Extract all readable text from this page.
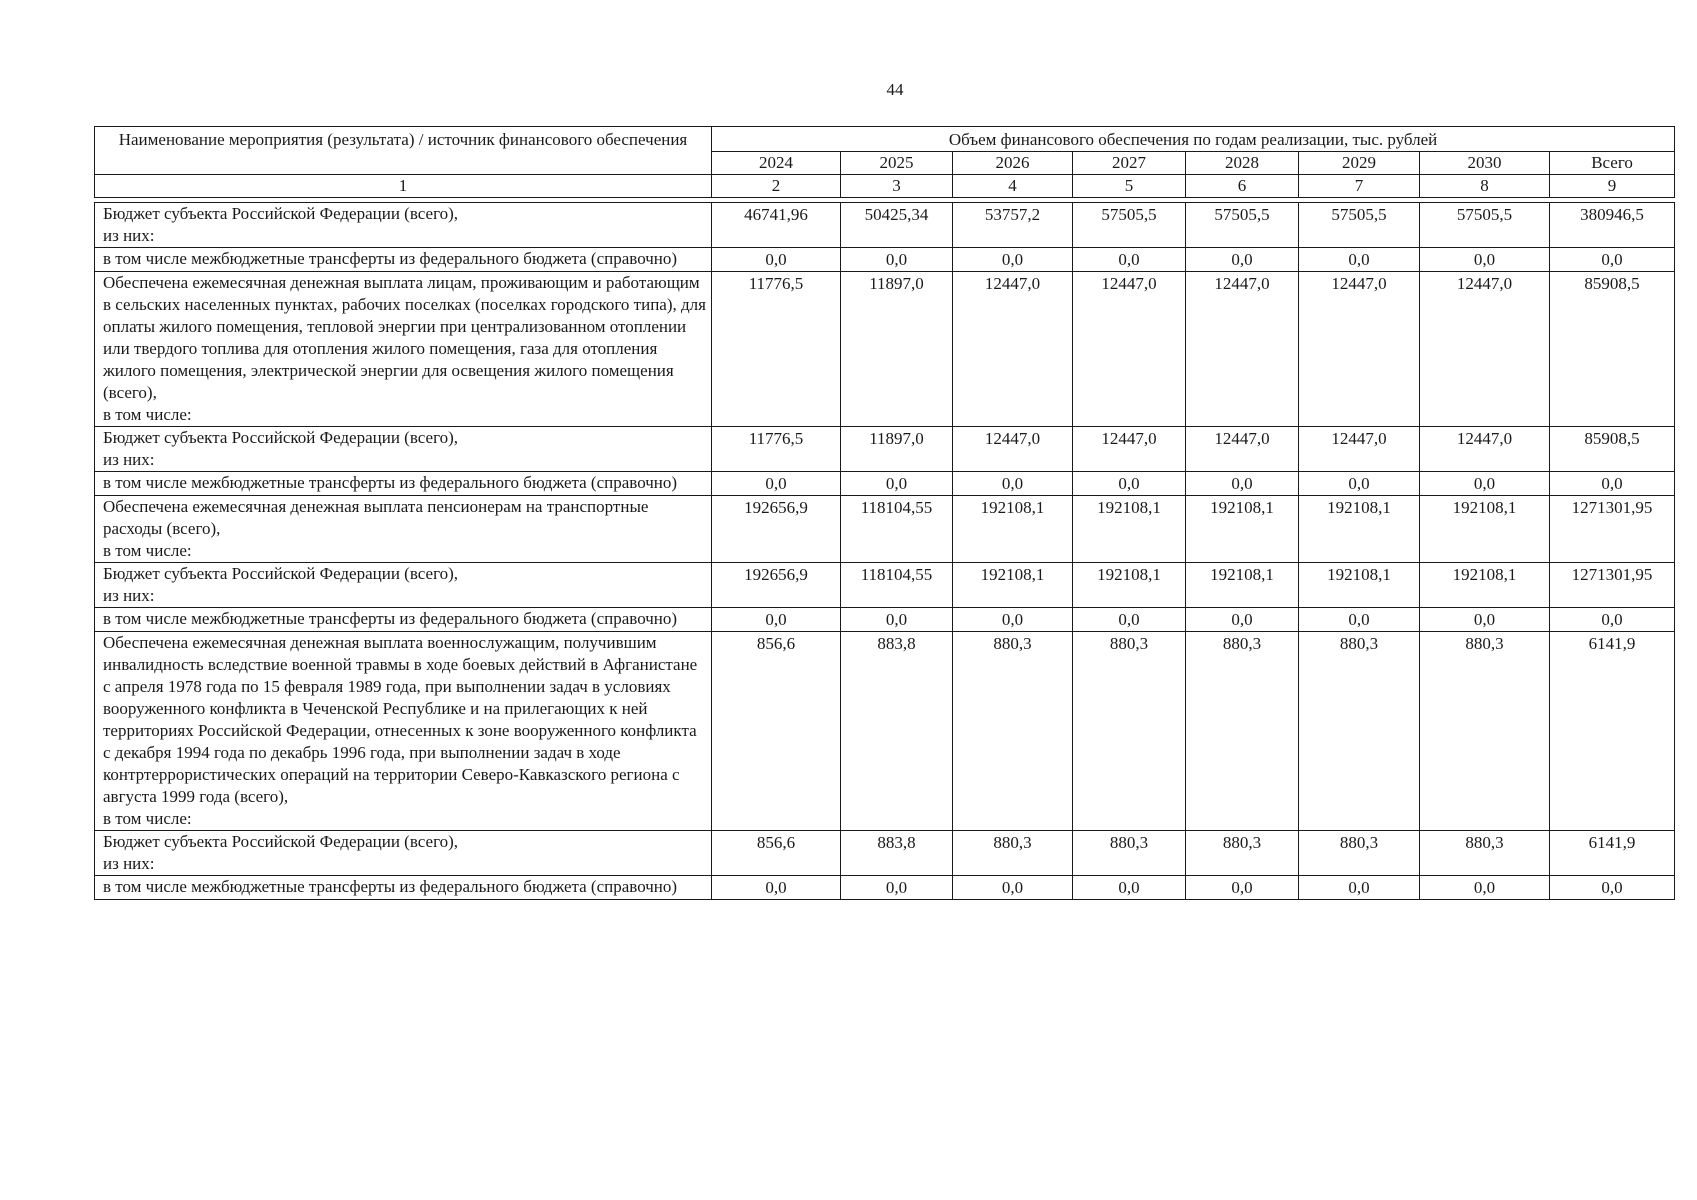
44
Наименование мероприятия (результата) / источник финансового обеспечения	Объем финансового обеспечения по годам реализации, тыс. рублей							
	2024	2025	2026	2027	2028	2029	2030	Всего
1	2	3	4	5	6	7	8	9

Бюджет субъекта Российской Федерации (всего),
из них:	46741,96	50425,34	53757,2	57505,5	57505,5	57505,5	57505,5	380946,5
в том числе межбюджетные трансферты из федерального бюджета (справочно)	0,0	0,0	0,0	0,0	0,0	0,0	0,0	0,0
Обеспечена ежемесячная денежная выплата лицам, проживающим и работающим в сельских населенных пунктах, рабочих поселках (поселках городского типа), для оплаты жилого помещения, тепловой энергии при централизованном отоплении или твердого топлива для отопления жилого помещения, газа для отопления жилого помещения, электрической энергии для освещения жилого помещения (всего),
в том числе:	11776,5	11897,0	12447,0	12447,0	12447,0	12447,0	12447,0	85908,5
Бюджет субъекта Российской Федерации (всего),
из них:	11776,5	11897,0	12447,0	12447,0	12447,0	12447,0	12447,0	85908,5
в том числе межбюджетные трансферты из федерального бюджета (справочно)	0,0	0,0	0,0	0,0	0,0	0,0	0,0	0,0
Обеспечена ежемесячная денежная выплата пенсионерам на транспортные расходы (всего),
в том числе:	192656,9	118104,55	192108,1	192108,1	192108,1	192108,1	192108,1	1271301,95
Бюджет субъекта Российской Федерации (всего),
из них:	192656,9	118104,55	192108,1	192108,1	192108,1	192108,1	192108,1	1271301,95
в том числе межбюджетные трансферты из федерального бюджета (справочно)	0,0	0,0	0,0	0,0	0,0	0,0	0,0	0,0
Обеспечена ежемесячная денежная выплата военнослужащим, получившим инвалидность вследствие военной травмы в ходе боевых действий в Афганистане с апреля 1978 года по 15 февраля 1989 года, при выполнении задач в условиях вооруженного конфликта в Чеченской Республике и на прилегающих к ней территориях Российской Федерации, отнесенных к зоне вооруженного конфликта с декабря 1994 года по декабрь 1996 года, при выполнении задач в ходе контртеррористических операций на территории Северо-Кавказского региона с августа 1999 года (всего),
в том числе:	856,6	883,8	880,3	880,3	880,3	880,3	880,3	6141,9
Бюджет субъекта Российской Федерации (всего),
из них:	856,6	883,8	880,3	880,3	880,3	880,3	880,3	6141,9
в том числе межбюджетные трансферты из федерального бюджета (справочно)	0,0	0,0	0,0	0,0	0,0	0,0	0,0	0,0
